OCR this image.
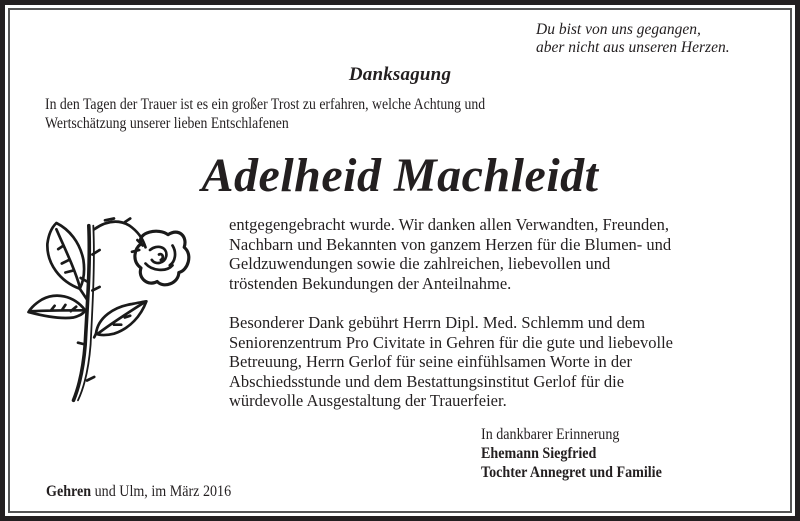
Du bist von uns gegangen,
aber nicht aus unseren Herzen.
Danksagung
In den Tagen der Trauer ist es ein großer Trost zu erfahren, welche Achtung und
Wertschätzung unserer lieben Entschlafenen
Adelheid Machleidt
entgegengebracht wurde. Wir danken allen Verwandten, Freunden,
Nachbarn und Bekannten von ganzem Herzen für die Blumen- und
Geldzuwendungen sowie die zahlreichen, liebevollen und
tröstenden Bekundungen der Anteilnahme.
Besonderer Dank gebührt Herrn Dipl. Med. Schlemm und dem
Seniorenzentrum Pro Civitate in Gehren für die gute und liebevolle
Betreuung, Herrn Gerlof für seine einfühlsamen Worte in der
Abschiedsstunde und dem Bestattungsinstitut Gerlof für die
würdevolle Ausgestaltung der Trauerfeier.
In dankbarer Erinnerung
Ehemann Siegfried
Tochter Annegret und Familie
Gehren und Ulm, im März 2016
